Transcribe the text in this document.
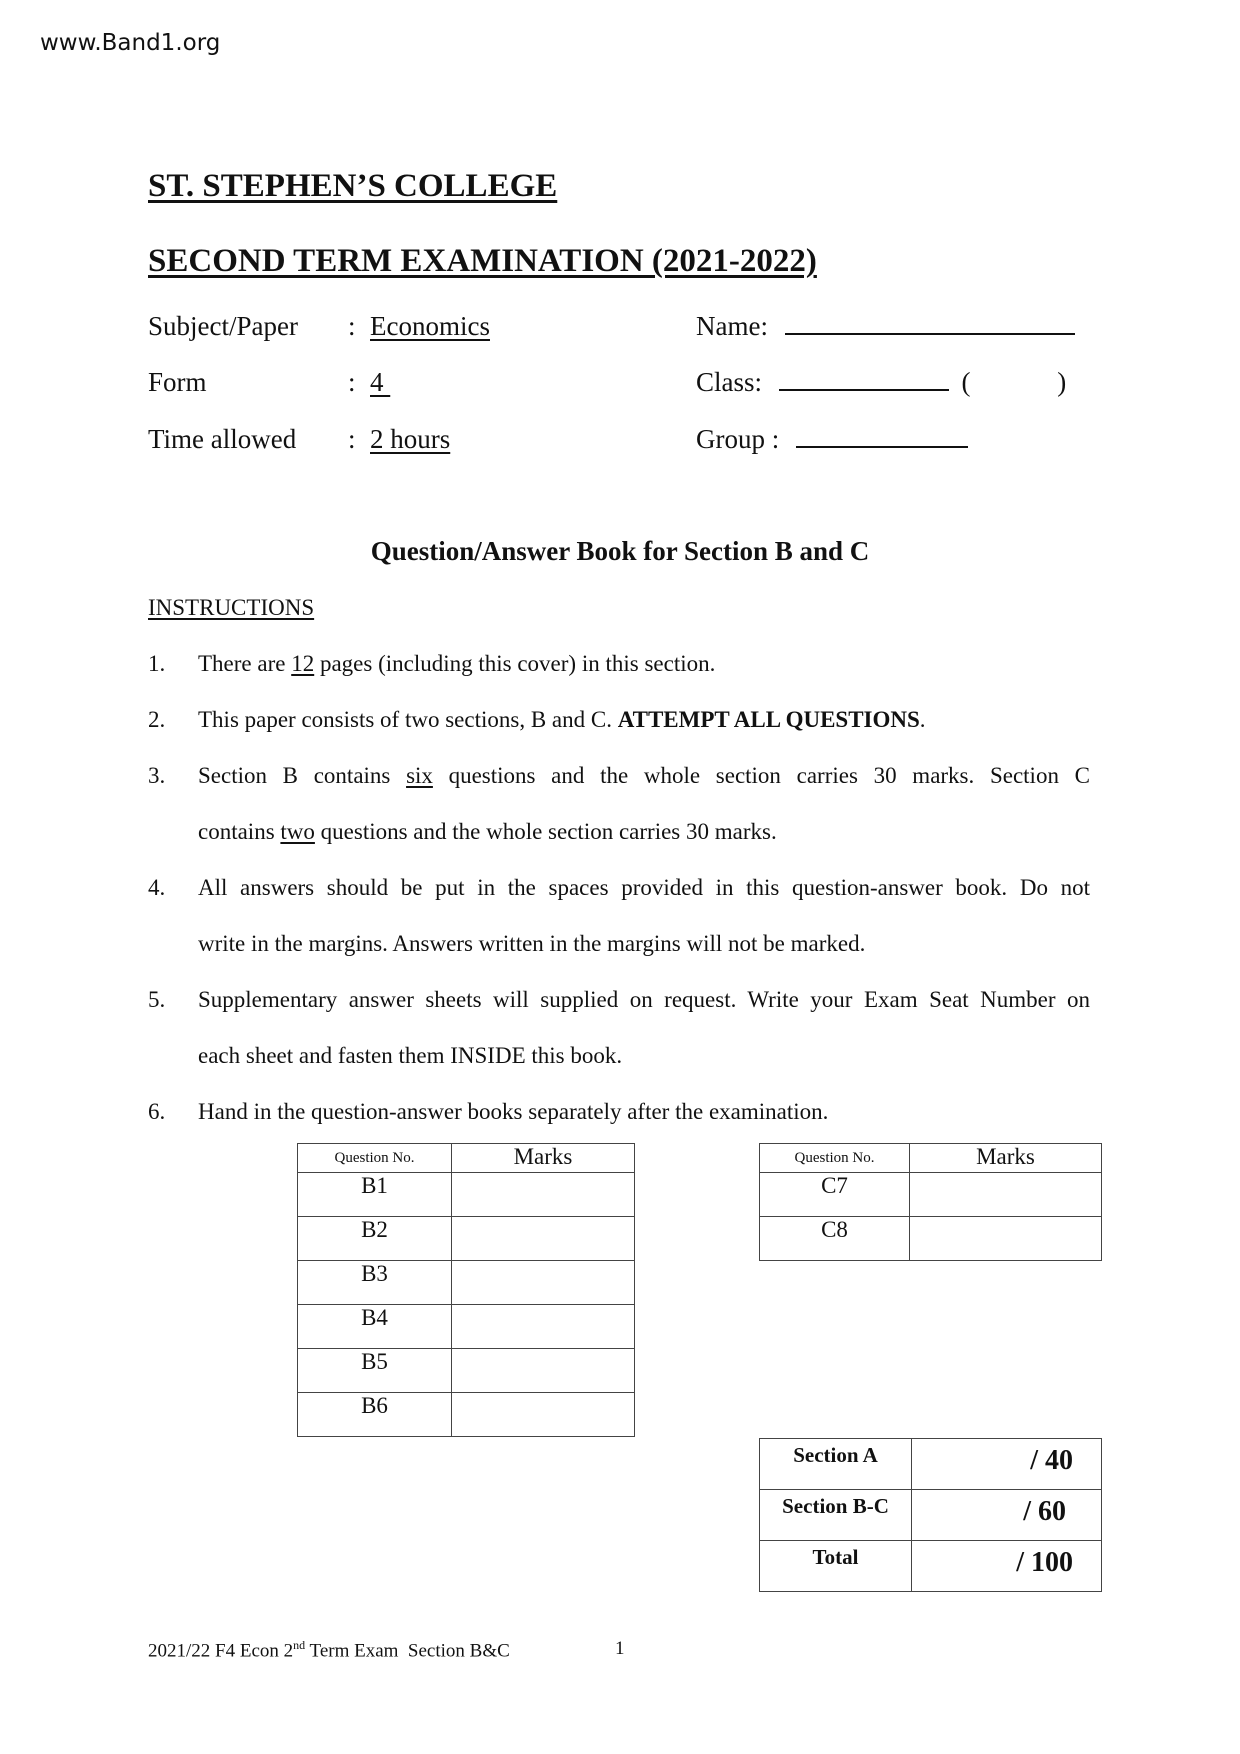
www.Band1.org
ST. STEPHEN’S COLLEGE
SECOND TERM EXAMINATION (2021-2022)
Subject/Paper : Economics
Form	: 4
Time allowed : 2 hours
Name:
Class:	(	)
Group :
Question/Answer Book for Section B and C
INSTRUCTIONS
1. There are 12 pages (including this cover) in this section.
2. This paper consists of two sections, B and C. ATTEMPT ALL QUESTIONS.
3. Section B contains six questions and the whole section carries 30 marks. Section C
contains two questions and the whole section carries 30 marks.
4. All answers should be put in the spaces provided in this question-answer book. Do not
write in the margins. Answers written in the margins will not be marked.
5. Supplementary answer sheets will supplied on request. Write your Exam Seat Number on
each sheet and fasten them INSIDE this book.
6. Hand in the question-answer books separately after the examination.
Question No.	Marks
B1	
B2	
B3	
B4	
B5	
B6	
Question No.	Marks
C7	
C8	
Section A	/ 40
Section B-C	/ 60
Total	/ 100
2021/22 F4 Econ 2nd Term Exam  Section B&C	1
